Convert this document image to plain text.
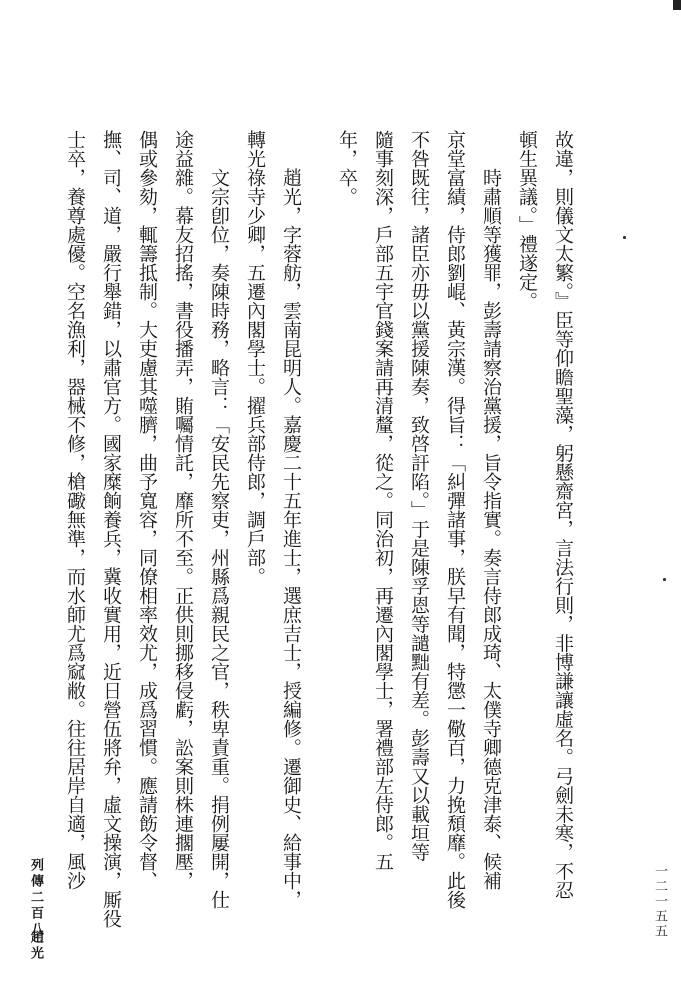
故違，則儀文太繁。』臣等仰瞻聖藻，躬懸齋宮，言法行則，非博謙讓虛名。弓劍未寒，不忍
頓生異議。」禮遂定。
時肅順等獲罪，彭壽請察治黨援，旨令指實。奏言侍郎成琦、太僕寺卿德克津泰、候補
京堂富績，侍郎劉崐、黃宗漢。得旨：「糾彈諸事，朕早有聞，特懲一儆百，力挽頹靡。此後
不咎既往，諸臣亦毋以黨援陳奏，致啓訐陷。」于是陳孚恩等譴黜有差。彭壽又以載垣等
隨事刻深，戶部五宇官錢案請再清釐，從之。同治初，再遷內閣學士，署禮部左侍郎。五
年，卒。
趙光，字蓉舫，雲南昆明人。嘉慶二十五年進士，選庶吉士，授編修。遷御史、給事中，
轉光祿寺少卿，五遷內閣學士。擢兵部侍郎，調戶部。
文宗卽位，奏陳時務，略言：「安民先察吏，州縣爲親民之官，秩卑責重。捐例屢開，仕
途益雜。幕友招搖，書役播弄，賄囑情託，靡所不至。正供則挪移侵虧，訟案則株連擱壓，
偶或參劾，輒籌抵制。大吏慮其噬臍，曲予寬容，同僚相率效尤，成爲習慣。應請飭令督、
撫、司、道，嚴行舉錯，以肅官方。國家糜餉養兵，冀收實用，近日營伍將弁，虛文操演，厮役
士卒，養尊處優。空名漁利，器械不修，槍礮無準，而水師尤爲窳敝。往往居岸自適，風沙
列傳二百八	一二一五五
趙光
